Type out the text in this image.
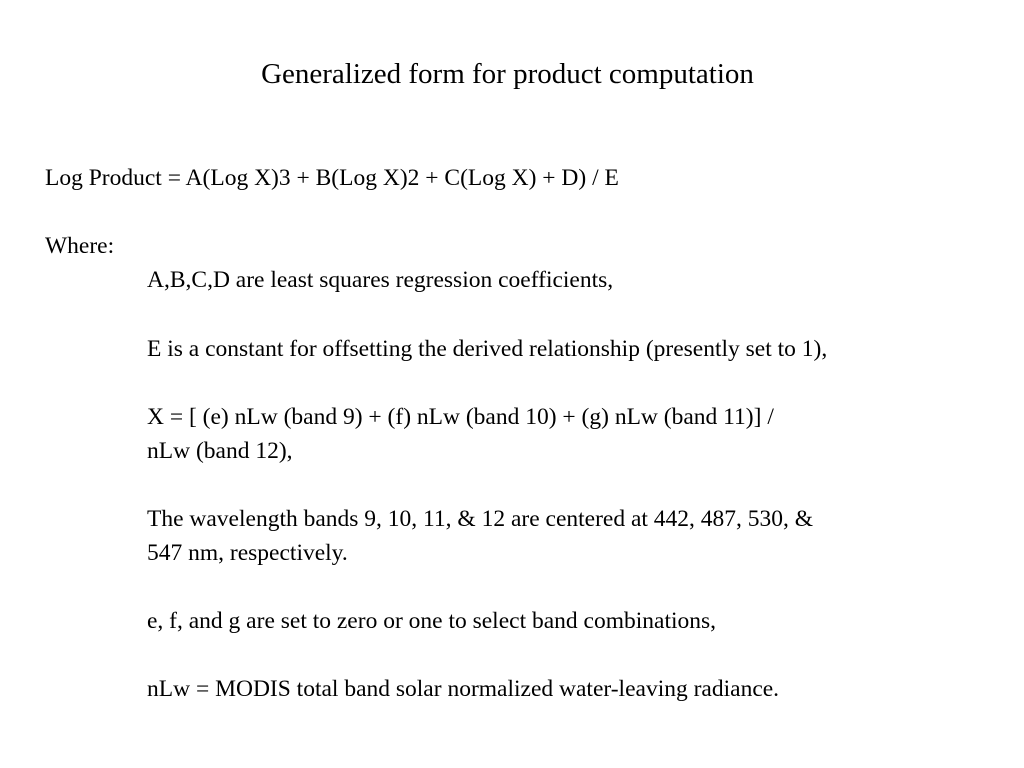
Generalized form for product computation
Log Product = A(Log X)3 + B(Log X)2 + C(Log X) + D) / E
Where:
A,B,C,D are least squares regression coefficients,
E is a constant for offsetting the derived relationship (presently set to 1),
X = [ (e) nLw (band 9) + (f) nLw (band 10) + (g) nLw (band 11)] /
nLw (band 12),
The wavelength bands 9, 10, 11, & 12 are centered at 442, 487, 530, &
547 nm, respectively.
e, f, and g are set to zero or one to select band combinations,
nLw = MODIS total band solar normalized water-leaving radiance.
